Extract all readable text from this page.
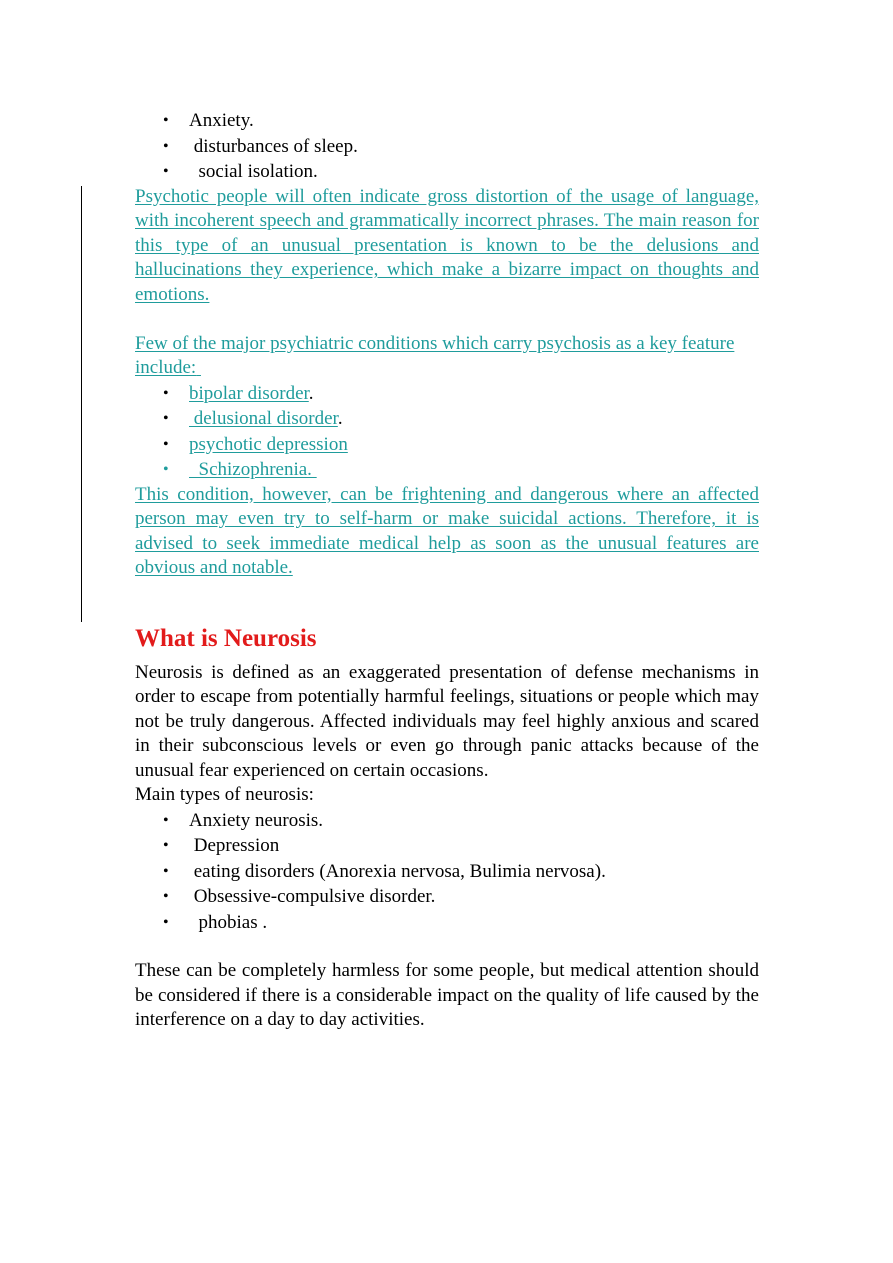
• Anxiety.
• disturbances of sleep.
• social isolation.

Psychotic people will often indicate gross distortion of the usage of language, with incoherent speech and grammatically incorrect phrases. The main reason for this type of an unusual presentation is known to be the delusions and hallucinations they experience, which make a bizarre impact on thoughts and emotions.

Few of the major psychiatric conditions which carry psychosis as a key feature include:

• bipolar disorder.
• delusional disorder.
• psychotic depression
• Schizophrenia.

This condition, however, can be frightening and dangerous where an affected person may even try to self-harm or make suicidal actions. Therefore, it is advised to seek immediate medical help as soon as the unusual features are obvious and notable.

What is Neurosis

Neurosis is defined as an exaggerated presentation of defense mechanisms in order to escape from potentially harmful feelings, situations or people which may not be truly dangerous. Affected individuals may feel highly anxious and scared in their subconscious levels or even go through panic attacks because of the unusual fear experienced on certain occasions.

Main types of neurosis:

• Anxiety neurosis.
• Depression
• eating disorders (Anorexia nervosa, Bulimia nervosa).
• Obsessive-compulsive disorder.
• phobias .

These can be completely harmless for some people, but medical attention should be considered if there is a considerable impact on the quality of life caused by the interference on a day to day activities.
